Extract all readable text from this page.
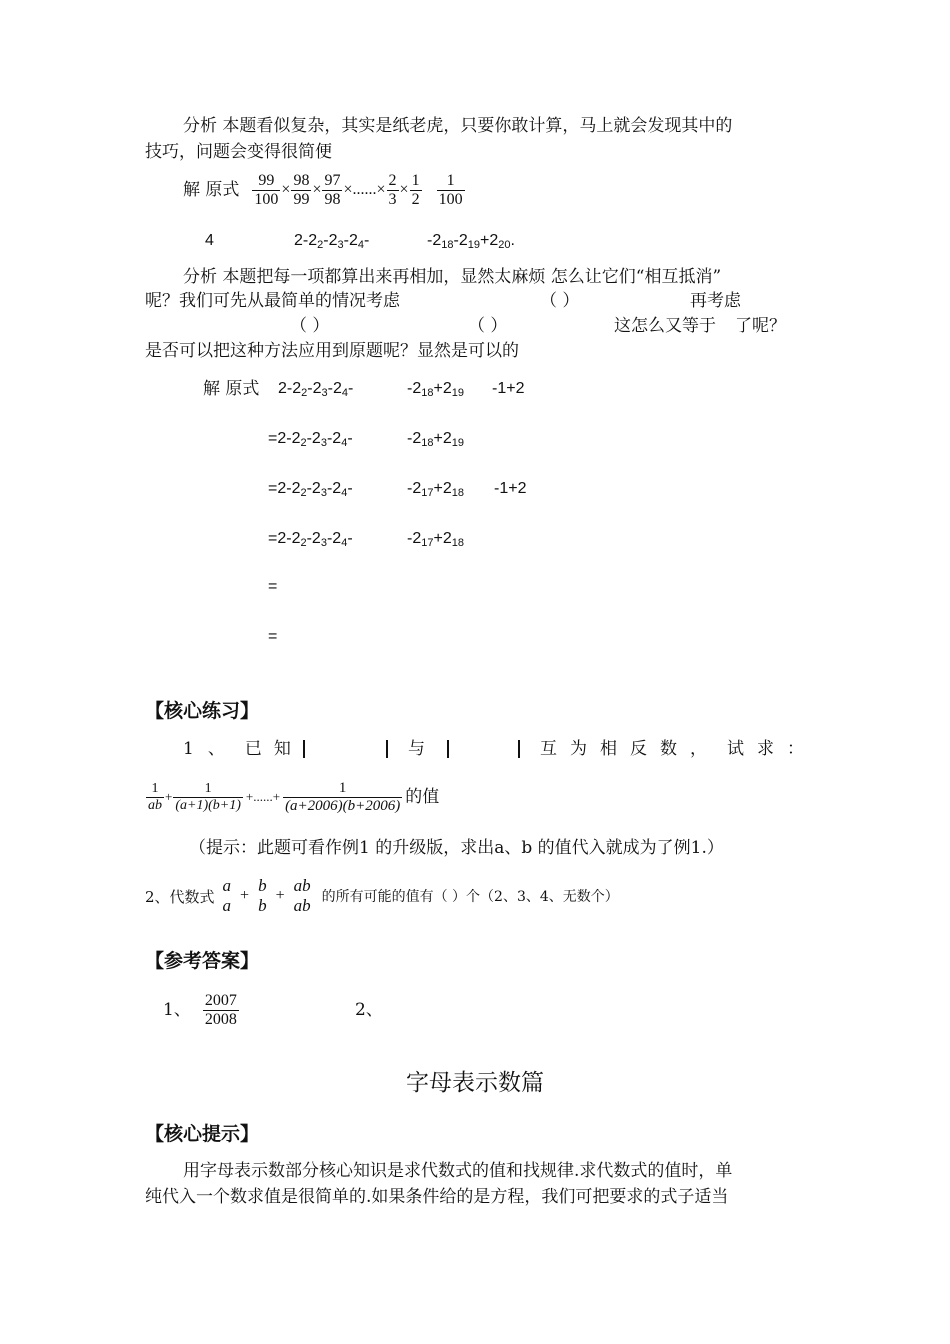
分析 本题看似复杂，其实是纸老虎，只要你敢计算，马上就会发现其中的
技巧，问题会变得很简便
解 原式 $\frac{99}{100} \times \frac{98}{99} \times \frac{97}{98}$ × ...... × $\frac{2}{3} \times \frac{1}{2} \frac{1}{100}$
4	$2-2_2-2_3-2_4-$	$-2_{18}-2_{19}+2_{20}$.
分析 本题把每一项都算出来再相加，显然太麻烦 怎么让它们“相互抵消”
呢？我们可先从最简单的情况考虑	（ ）	再考虑
（ ）	（ ）	这怎么又等于 了呢？
是否可以把这种方法应用到原题呢？显然是可以的
解 原式 $2-2_2-2_3-2_4-$	$-2_{18}+2_{19}$ -1+2
$=2-2_2-2_3-2_4-$	$-2_{18}+2_{19}$
$=2-2_2-2_3-2_4-$	$-2_{17}+2_{18}$ -1+2
$=2-2_2-2_3-2_4-$	$-2_{17}+2_{18}$
=
=
【核心练习】
1 、 已 知	与	互 为 相 反 数 ， 试 求 ：
$\frac{1}{ab} + \frac{1}{(a+1)(b+1)}$ +......+ $\frac{1}{(a+2006)(b+2006)}$ 的值
（提示：此题可看作例1 的升级版，求出a、b 的值代入就成为了例1.）
2、代数式
a
a
+
b
b
+
ab
ab 的所有可能的值有（ ）个（2、3、4、无数个）
【参考答案】
1、 $\frac{2007}{2008}$	2、
字母表示数篇
【核心提示】
用字母表示数部分核心知识是求代数式的值和找规律.求代数式的值时，单
纯代入一个数求值是很简单的.如果条件给的是方程，我们可把要求的式子适当
